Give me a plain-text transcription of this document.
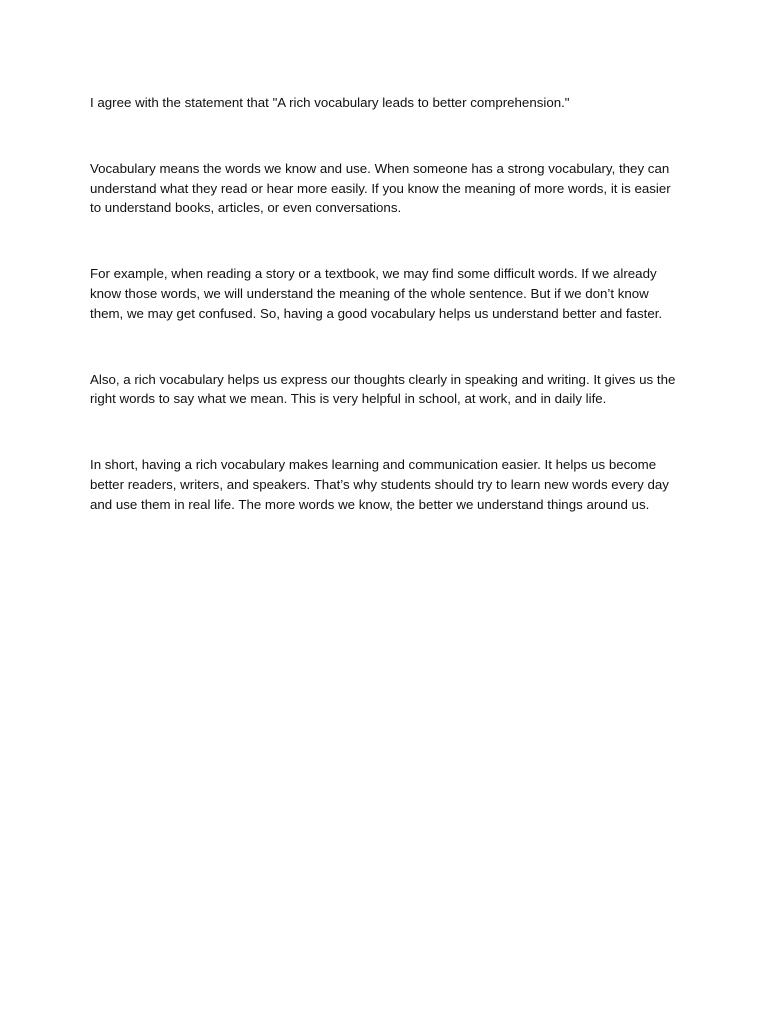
I agree with the statement that "A rich vocabulary leads to better comprehension."

Vocabulary means the words we know and use. When someone has a strong vocabulary, they can understand what they read or hear more easily. If you know the meaning of more words, it is easier to understand books, articles, or even conversations.

For example, when reading a story or a textbook, we may find some difficult words. If we already know those words, we will understand the meaning of the whole sentence. But if we don’t know them, we may get confused. So, having a good vocabulary helps us understand better and faster.

Also, a rich vocabulary helps us express our thoughts clearly in speaking and writing. It gives us the right words to say what we mean. This is very helpful in school, at work, and in daily life.

In short, having a rich vocabulary makes learning and communication easier. It helps us become better readers, writers, and speakers. That’s why students should try to learn new words every day and use them in real life. The more words we know, the better we understand things around us.
